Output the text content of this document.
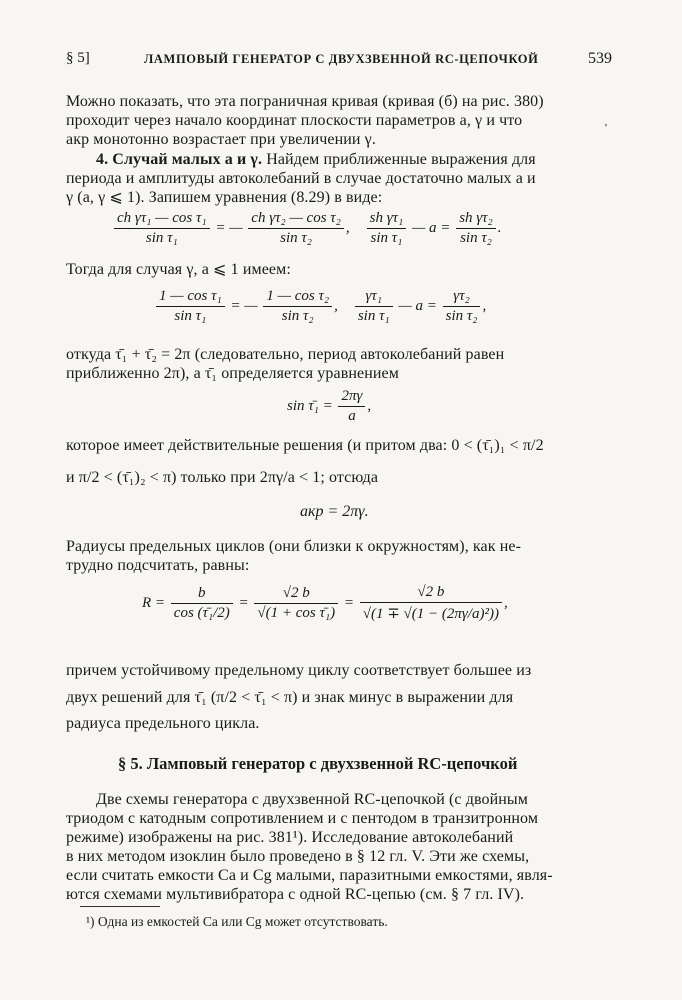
§ 5]	ЛАМПОВЫЙ ГЕНЕРАТОР С ДВУХЗВЕННОЙ RC-ЦЕПОЧКОЙ	539
Можно показать, что эта пограничная кривая (кривая (б) на рис. 380)
проходит через начало координат плоскости параметров a, γ и что
aкр монотонно возрастает при увеличении γ.
ʼ
4. Случай малых a и γ. Найдем приближенные выражения для
периода и амплитуды автоколебаний в случае достаточно малых a и
γ (a, γ ⩽ 1). Запишем уравнения (8.29) в виде:
$\frac{\text{ch γτ₁ — cos τ₁}}{\text{sin τ₁}}$ = — $\frac{\text{ch γτ₂ — cos τ₂}}{\text{sin τ₂}}$ , $\frac{\text{sh γτ₁}}{\text{sin τ₁}}$ — $a = \frac{\text{sh γτ₂}}{\text{sin τ₂}}$ .
Тогда для случая γ, a ⩽ 1 имеем:
$\frac{\text{1 — cos τ₁}}{\text{sin τ₁}}$ = — $\frac{\text{1 — cos τ₂}}{\text{sin τ₂}}$ , $\frac{\text{γτ₁}}{\text{sin τ₁}}$ — $a = \frac{\text{γτ₂}}{\text{sin τ₂}}$ ,
откуда τ̄₁ + τ̄₂ = 2π (следовательно, период автоколебаний равен
приближенно 2π), а τ̄₁ определяется уравнением
sin τ̄₁ = $\frac{2\pi\gamma}{a}$ ,
которое имеет действительные решения (и притом два: 0 < (τ̄₁)₁ < π/2
и π/2 < (τ̄₁)₂ < π) только при 2πγ/a < 1; отсюда
aкр = 2πγ.
Радиусы предельных циклов (они близки к окружностям), как не-
трудно подсчитать, равны:
$R = \frac{b}{\text{cos (τ̄₁/2)}} = \frac{√2 b}{\text{√(1 + cos τ̄₁)}} = \frac{√2 b}{\text{√(1 ∓ √(1 − (2πγ/a)²))}}$ ,
причем устойчивому предельному циклу соответствует большее из
двух решений для τ̄₁ (π/2 < τ̄₁ < π) и знак минус в выражении для
радиуса предельного цикла.
§ 5. Ламповый генератор с двухзвенной RC-цепочкой
Две схемы генератора с двухзвенной RC-цепочкой (с двойным
триодом с катодным сопротивлением и с пентодом в транзитронном
режиме) изображены на рис. 381¹). Исследование автоколебаний
в них методом изоклин было проведено в § 12 гл. V. Эти же схемы,
если считать емкости Ca и Cg малыми, паразитными емкостями, явля-
ются схемами мультивибратора с одной RC-цепью (см. § 7 гл. IV).
¹) Одна из емкостей Ca или Cg может отсутствовать.
